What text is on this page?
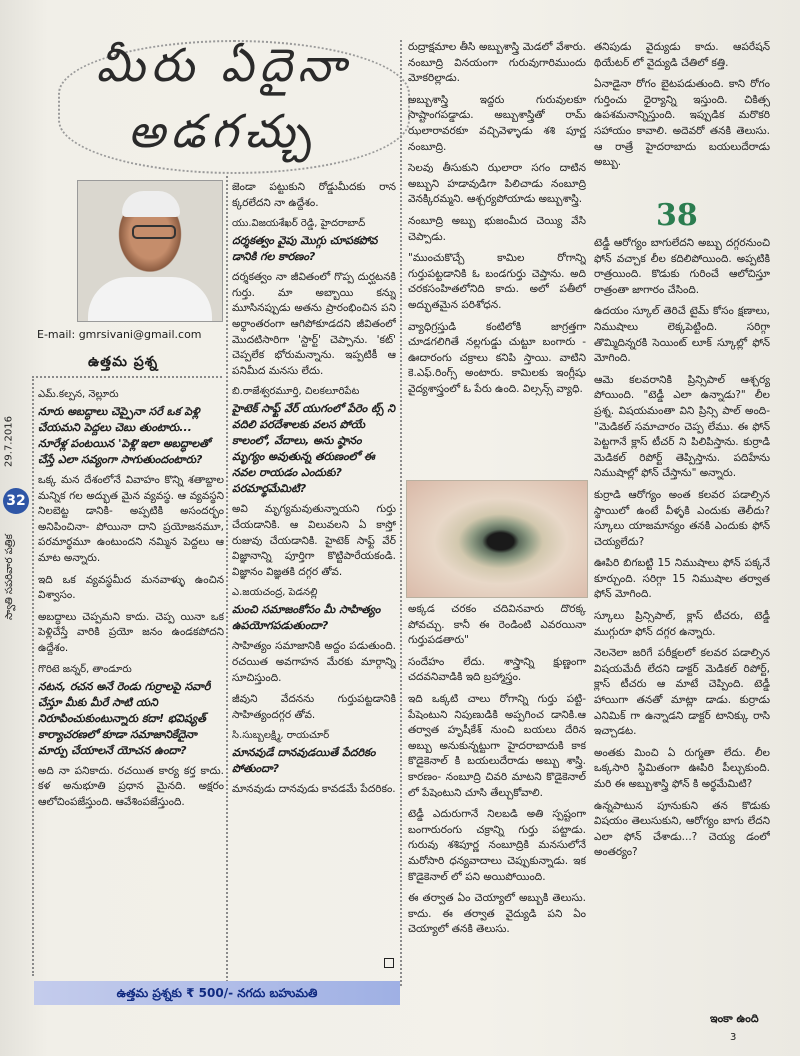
మీరు ఏదైనా
అడగచ్చు
E-mail: gmrsivani@gmail.com
ఉత్తమ ప్రశ్న
29.7.2016
32
స్వాతి సపరివార పత్రిక
ఎమ్.కల్పన, నెల్లూరు
నూరు అబద్ధాలు చెప్పైనా సరే ఒక పెళ్లి చేయమని పెద్దలు చెబు తుంటారు... నూరేళ్ల పంటయిన 'పెళ్లి'ఇలా అబద్ధాలతో చేస్తే ఎలా సవ్యంగా సాగుతుందంటారు?

ఒక్క మన దేశంలోనే వివాహం కొన్ని శతాబ్దాల మన్నిక గల అద్భుత మైన వ్యవస్థ. ఆ వ్యవస్థని నిలబెట్ట డానికి- అప్పటికి అసందర్భం అనిపించినా- పోయినా దాని ప్రయోజనమూ, పరమార్థమూ ఉంటుందని నమ్మిన పెద్దలు ఆ మాట అన్నారు.

ఇది ఒక వ్యవస్థమీద మనవాళ్ళు ఉంచిన విశ్వాసం.

అబద్ధాలు చెప్పమని కాదు. చెప్ప యినా ఒక పెళ్లిచేస్తే వారికి ప్రయో జనం ఉండకపోదని ఉద్దేశం.

గొరిటె జన్నర్, తాండూరు
నటన, రచన అనే రెండు గుర్రాలపై సవారీ చేస్తూ మీకు మీరే సాటి యని నిరూపించుకుంటున్నారు కదా! భవిష్యత్ కార్యాచరణలో కూడా సమాజానికేదైనా మార్పు చేయాలనే యోచన ఉందా?

అది నా పనికాదు. రచయిత కార్య కర్త కాదు. కళ అనుభూతి ప్రధాన మైనది. అక్షరం ఆలోచింపజేస్తుంది. ఆవేశింపజేస్తుంది.

జెండా పట్టుకుని రోడ్డుమీదకు రాన క్కరలేదని నా ఉద్దేశం.

యు.విజయశేఖర్ రెడ్డి, హైదరాబాద్
దర్శకత్వం వైపు మొగ్గు చూపకపోవ డానికి గల కారణం?

దర్శకత్వం నా జీవితంలో గొప్ప దుర్ఘటనకి గుర్తు. మా అబ్బాయి కన్ను మూసినప్పుడు అతను ప్రారంభించిన పని అర్థాంతరంగా ఆగిపోకూడదని జీవితంలో మొదటిసారిగా 'స్టార్ట్' చెప్పాను. 'కట్' చెప్పలేక భోరుమన్నాను. ఇప్పటికీ ఆ పనిమీద మనసు లేదు.

బి.రాజేశ్వరమూర్తి, చిలకలూరిపేట
హైటెక్ సాఫ్ట్ వేర్ యుగంలో పేరెం ట్స్ ని వదిలి పరదేశాలకు వలస పోయే కాలంలో, వేదాలు, అను ష్ఠానం మృగ్యం అవుతున్న తరుణంలో ఈ నవల రాయడం ఎందుకు? పరమార్థమేమిటి?

అవి మృగ్యమవుతున్నాయని గుర్తు చేయడానికి. ఆ విలువలని ఏ కాస్తో రుజువు చేయడానికి. హైటెక్ సాఫ్ట్ వేర్ విజ్ఞానాన్ని పూర్తిగా కొట్టిపారేయకండి. విజ్ఞానం విజ్ఞతకి దగ్గర తోవ.

ఎ.జయచంద్ర, పెడనల్లి
మంచి సమాజంకోసం మీ సాహిత్యం ఉపయోగపడుతుందా?

సాహిత్యం సమాజానికి అద్దం పడుతుంది. రచయిత అవగాహన మేరకు మార్గాన్ని సూచిస్తుంది.

జీవుని వేదనను గుర్తుపట్టడానికి సాహిత్యందగ్గర తోవ.

సి.సుబ్బలక్ష్మి, రాయచూర్
మానవుడే దానవుడయితే పేదరికం పోతుందా?

మానవుడు దానవుడు కావడమే పేదరికం.

ఉత్తమ ప్రశ్నకు ₹ 500/- నగదు బహుమతి

రుద్రాక్షమాల తీసి అబ్బుశాస్త్రి మెడలో వేశారు. నంబూద్రి వినయంగా గురువుగారిముందు మోకరిల్లాడు.

అబ్బుశాస్త్రి ఇద్దరు గురువులకూ సాష్టాంగపడ్డాడు. అబ్బుశాస్త్రితో రామ్ ఝలారావరకూ వచ్చివెళ్ళాడు శశి పూర్ణ నంబూద్రి.

సెలవు తీసుకుని ఝలారా సగం దాటిన అబ్బుని హడావుడిగా పిలిచాడు నంబూద్రి వెనక్కిరమ్మని. ఆశ్చర్యపోయాడు అబ్బుశాస్త్రి.

నంబూద్రి అబ్బు భుజంమీద చెయ్యి వేసి చెప్పాడు.

"ముంచుకొచ్చే కామిల రోగాన్ని గుర్తుపట్టడానికి ఓ బండగుర్తు చెప్తాను. అది చరకసంహితలోనిది కాదు. అలో పతీలో అద్భుతమైన పరిశోధన.

వ్యాధిగ్రస్తుడి కంటిలోకి జాగ్రత్తగా చూడగలిగితే నల్లగుడ్డు చుట్టూ బంగారు - ఊదారంగు చక్రాలు కనిపి స్తాయి. వాటిని కె.ఎఫ్.రింగ్స్ అంటారు. కామిలకు ఇంగ్లీషు వైద్యశాస్త్రంలో ఓ పేరు ఉంది. విల్సన్స్ వ్యాధి.

అక్కడ చరకం చదివినవారు దొరక్క పోవచ్చు. కానీ ఈ రెండింటి ఎవరయినా గుర్తుపడతారు"

సందేహం లేదు. శాస్త్రాన్ని క్షుణ్ణంగా చదవనివాడికి ఇది బ్రహ్మాస్త్రం.

ఇది ఒక్కటి చాలు రోగాన్ని గుర్తు పట్టి- పేషెంటుని నిపుణుడికి అప్పగించ డానికి.ఆ తర్వాత హృషీకేశ్ నుంచి బయలు దేరిన అబ్బు అనుకున్నట్టుగా హైదరాబాదుకి కాక కొడైకెనాల్ కి బయలుదేరాడు అబ్బు శాస్త్రి. కారణం- నంబూద్రి చివరి మాటని కొడైకెనాల్ లో పేషెంటుని చూసి తేల్చుకోవాలి.

టెడ్డీ ఎదురుగానే నిలబడి అతి స్పష్టంగా బంగారురంగు చక్రాన్ని గుర్తు పట్టాడు. గురువు శశిపూర్ణ నంబూద్రికి మనసులోనే మరోసారి ధన్యవాదాలు చెప్పుకున్నాడు. ఇక కొడైకెనాల్ లో పని అయిపోయింది.

ఈ తర్వాత ఏం చెయ్యాలో అబ్బుకి తెలుసు. కాదు. ఈ తర్వాత వైద్యుడి పని ఏం చెయ్యాలో తనకి తెలుసు.

తనిపుడు వైద్యుడు కాదు. ఆపరేషన్ థియేటర్ లో వైద్యుడి చేతిలో కత్తి.

ఏనాడైనా రోగం బైటపడుతుంది. కాని రోగం గుర్తించు ధైర్యాన్ని ఇస్తుంది. చికిత్స ఉపశమనాన్నిస్తుంది. ఇప్పుడిక మరొకరి సహాయం కావాలి. అదెవరో తనకి తెలుసు. ఆ రాత్రే హైదరాబాదు బయలుదేరాడు అబ్బు.

38

టెడ్డీ ఆరోగ్యం బాగులేదని అబ్బు దగ్గరనుంచి ఫోన్ వచ్చాక లీల కదిలిపోయింది. అప్పటికి రాత్రయింది. కొడుకు గురించే ఆలోచిస్తూ రాత్రంతా జాగారం చేసింది.

ఉదయం స్కూల్ తెరిచే టైమ్ కోసం క్షణాలు, నిముషాలు లెక్కపెట్టింది. సరిగ్గా తొమ్మిదిన్నరకి సెయింట్ లూక్ స్కూల్లో ఫోన్ మోగింది.

ఆమె కలవరానికి ప్రిన్సిపాల్ ఆశ్చర్య పోయింది. "టెడ్డీ ఎలా ఉన్నాడు?" లీల ప్రశ్న. విషయమంతా విని ప్రిన్సి పాల్ అంది- "మెడికల్ సమాచారం చెప్ప లేము. ఈ ఫోన్ పెట్టగానే క్లాస్ టీచర్ ని పిలిపిస్తాను. కుర్రాడి మెడికల్ రిపోర్ట్ తెప్పిస్తాను. పదిహేను నిముషాల్లో ఫోన్ చేస్తాను" అన్నారు.

కుర్రాడి ఆరోగ్యం అంత కలవర పడాల్సిన స్థాయిలో ఉంటే వీళ్ళకి ఎందుకు తెలీదు?స్కూలు యాజమాన్యం తనకి ఎందుకు ఫోన్ చెయ్యలేదు?

ఊపిరి బిగబట్టి 15 నిముషాలు ఫోన్ పక్కనే కూర్చుంది. సరిగ్గా 15 నిముషాల తర్వాత ఫోన్ మోగింది.

స్కూలు ప్రిన్సిపాల్, క్లాస్ టీచరు, టెడ్డీ ముగ్గురూ ఫోన్ దగ్గర ఉన్నారు.

నెలనెలా జరిగే పరీక్షలలో కలవర పడాల్సిన విషయమేదీ లేదని డాక్టర్ మెడికల్ రిపోర్ట్, క్లాస్ టీచరు ఆ మాటే చెప్పింది. టెడ్డీ హాయిగా తనతో మాట్లా డాడు. కుర్రాడు ఎనిమిక్ గా ఉన్నాడని డాక్టర్ టానిక్కు రాసి ఇచ్చాడట.

అంతకు మించి ఏ రుగ్మతా లేదు. లీల ఒక్కసారి స్థిమితంగా ఊపిరి పీల్చుకుంది. మరి ఈ అబ్బుశాస్త్రి ఫోన్ కి అర్థమేమిటి?

ఉన్నపాటున పూనుకుని తన కొడుకు విషయం తెలుసుకుని, ఆరోగ్యం బాగు లేదని ఎలా ఫోన్ చేశాడు...? చెయ్య డంలో అంతర్యం?

ఇంకా ఉంది
3
